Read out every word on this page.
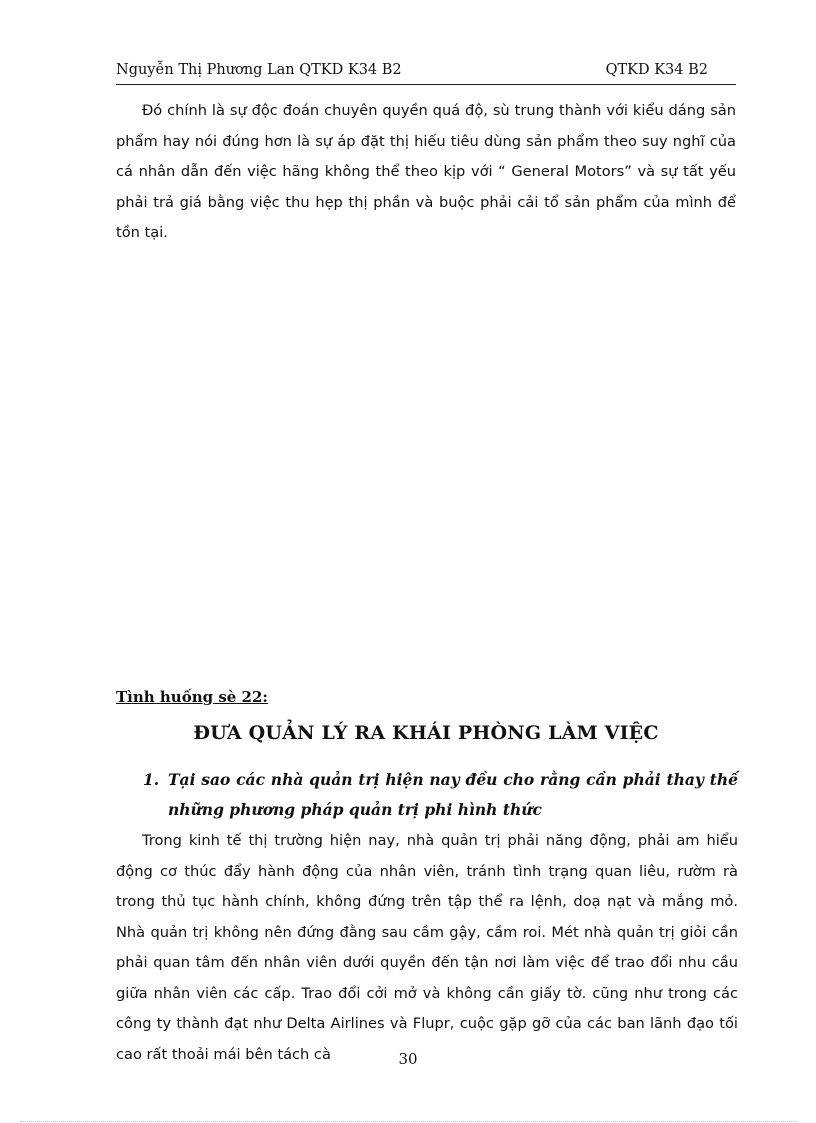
Nguyễn Thị Phương Lan QTKD K34 B2	QTKD K34 B2
Đó chính là sự độc đoán chuyên quyền quá độ, sù trung thành với kiểu dáng sản phẩm hay nói đúng hơn là sự áp đặt thị hiếu tiêu dùng sản phẩm theo suy nghĩ của cá nhân dẫn đến việc hãng không thể theo kịp với “ General Motors” và sự tất yếu phải trả giá bằng việc thu hẹp thị phần và buộc phải cải tổ sản phẩm của mình để tồn tại.
Tình huống sè 22:
ĐƯA QUẢN LÝ RA KHÁI PHÒNG LÀM VIỆC
1. Tại sao các nhà quản trị hiện nay đều cho rằng cần phải thay thế những phương pháp quản trị phi hình thức
Trong kinh tế thị trường hiện nay, nhà quản trị phải năng động, phải am hiểu động cơ thúc đẩy hành động của nhân viên, tránh tình trạng quan liêu, rườm rà trong thủ tục hành chính, không đứng trên tập thể ra lệnh, doạ nạt và mắng mỏ. Nhà quản trị không nên đứng đằng sau cầm gậy, cầm roi. Mét nhà quản trị giỏi cần phải quan tâm đến nhân viên dưới quyền đến tận nơi làm việc để trao đổi nhu cầu giữa nhân viên các cấp. Trao đổi cởi mở và không cần giấy tờ. cũng như trong các công ty thành đạt như Delta Airlines và Flupr, cuộc gặp gỡ của các ban lãnh đạo tối cao rất thoải mái bên tách cà	30
